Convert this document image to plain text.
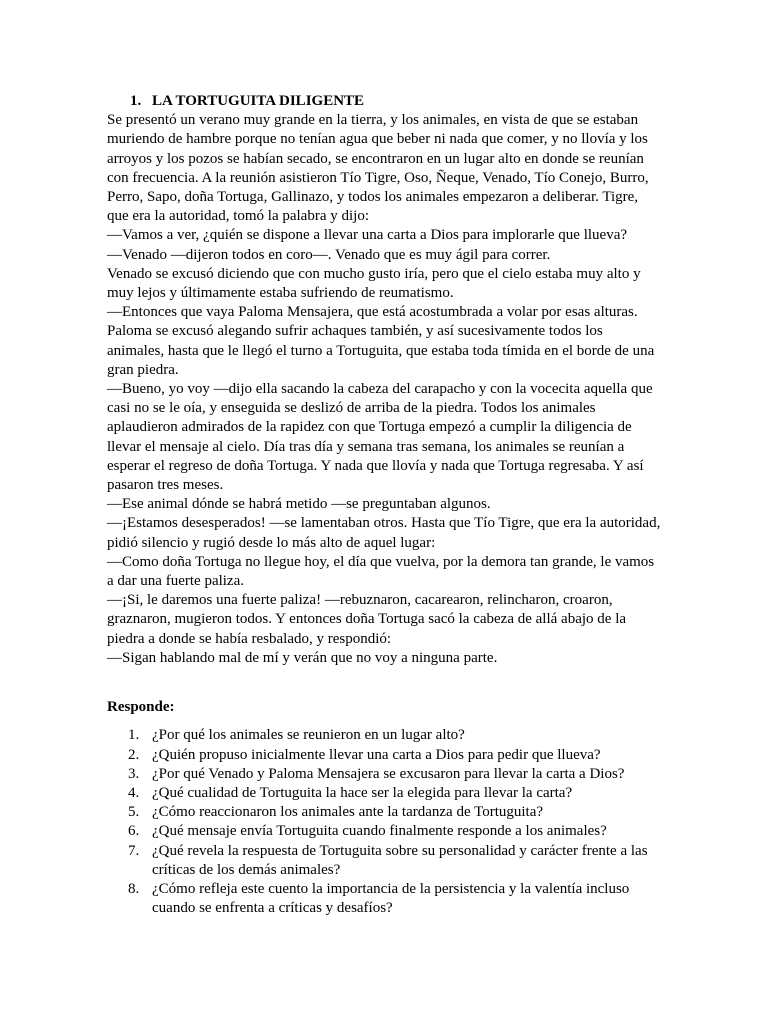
1. LA TORTUGUITA DILIGENTE

Se presentó un verano muy grande en la tierra, y los animales, en vista de que se estaban muriendo de hambre porque no tenían agua que beber ni nada que comer, y no llovía y los arroyos y los pozos se habían secado, se encontraron en un lugar alto en donde se reunían con frecuencia. A la reunión asistieron Tío Tigre, Oso, Ñeque, Venado, Tío Conejo, Burro, Perro, Sapo, doña Tortuga, Gallinazo, y todos los animales empezaron a deliberar. Tigre, que era la autoridad, tomó la palabra y dijo:

—Vamos a ver, ¿quién se dispone a llevar una carta a Dios para implorarle que llueva?

—Venado —dijeron todos en coro—. Venado que es muy ágil para correr.

Venado se excusó diciendo que con mucho gusto iría, pero que el cielo estaba muy alto y muy lejos y últimamente estaba sufriendo de reumatismo.

—Entonces que vaya Paloma Mensajera, que está acostumbrada a volar por esas alturas. Paloma se excusó alegando sufrir achaques también, y así sucesivamente todos los animales, hasta que le llegó el turno a Tortuguita, que estaba toda tímida en el borde de una gran piedra.

—Bueno, yo voy —dijo ella sacando la cabeza del carapacho y con la vocecita aquella que casi no se le oía, y enseguida se deslizó de arriba de la piedra. Todos los animales aplaudieron admirados de la rapidez con que Tortuga empezó a cumplir la diligencia de llevar el mensaje al cielo. Día tras día y semana tras semana, los animales se reunían a esperar el regreso de doña Tortuga. Y nada que llovía y nada que Tortuga regresaba. Y así pasaron tres meses.

—Ese animal dónde se habrá metido —se preguntaban algunos.

—¡Estamos desesperados! —se lamentaban otros. Hasta que Tío Tigre, que era la autoridad, pidió silencio y rugió desde lo más alto de aquel lugar:

—Como doña Tortuga no llegue hoy, el día que vuelva, por la demora tan grande, le vamos a dar una fuerte paliza.

—¡Si, le daremos una fuerte paliza! —rebuznaron, cacarearon, relincharon, croaron, graznaron, mugieron todos. Y entonces doña Tortuga sacó la cabeza de allá abajo de la piedra a donde se había resbalado, y respondió:

—Sigan hablando mal de mí y verán que no voy a ninguna parte.

Responde:
1. ¿Por qué los animales se reunieron en un lugar alto?
2. ¿Quién propuso inicialmente llevar una carta a Dios para pedir que llueva?
3. ¿Por qué Venado y Paloma Mensajera se excusaron para llevar la carta a Dios?
4. ¿Qué cualidad de Tortuguita la hace ser la elegida para llevar la carta?
5. ¿Cómo reaccionaron los animales ante la tardanza de Tortuguita?
6. ¿Qué mensaje envía Tortuguita cuando finalmente responde a los animales?
7. ¿Qué revela la respuesta de Tortuguita sobre su personalidad y carácter frente a las críticas de los demás animales?
8. ¿Cómo refleja este cuento la importancia de la persistencia y la valentía incluso cuando se enfrenta a críticas y desafíos?
